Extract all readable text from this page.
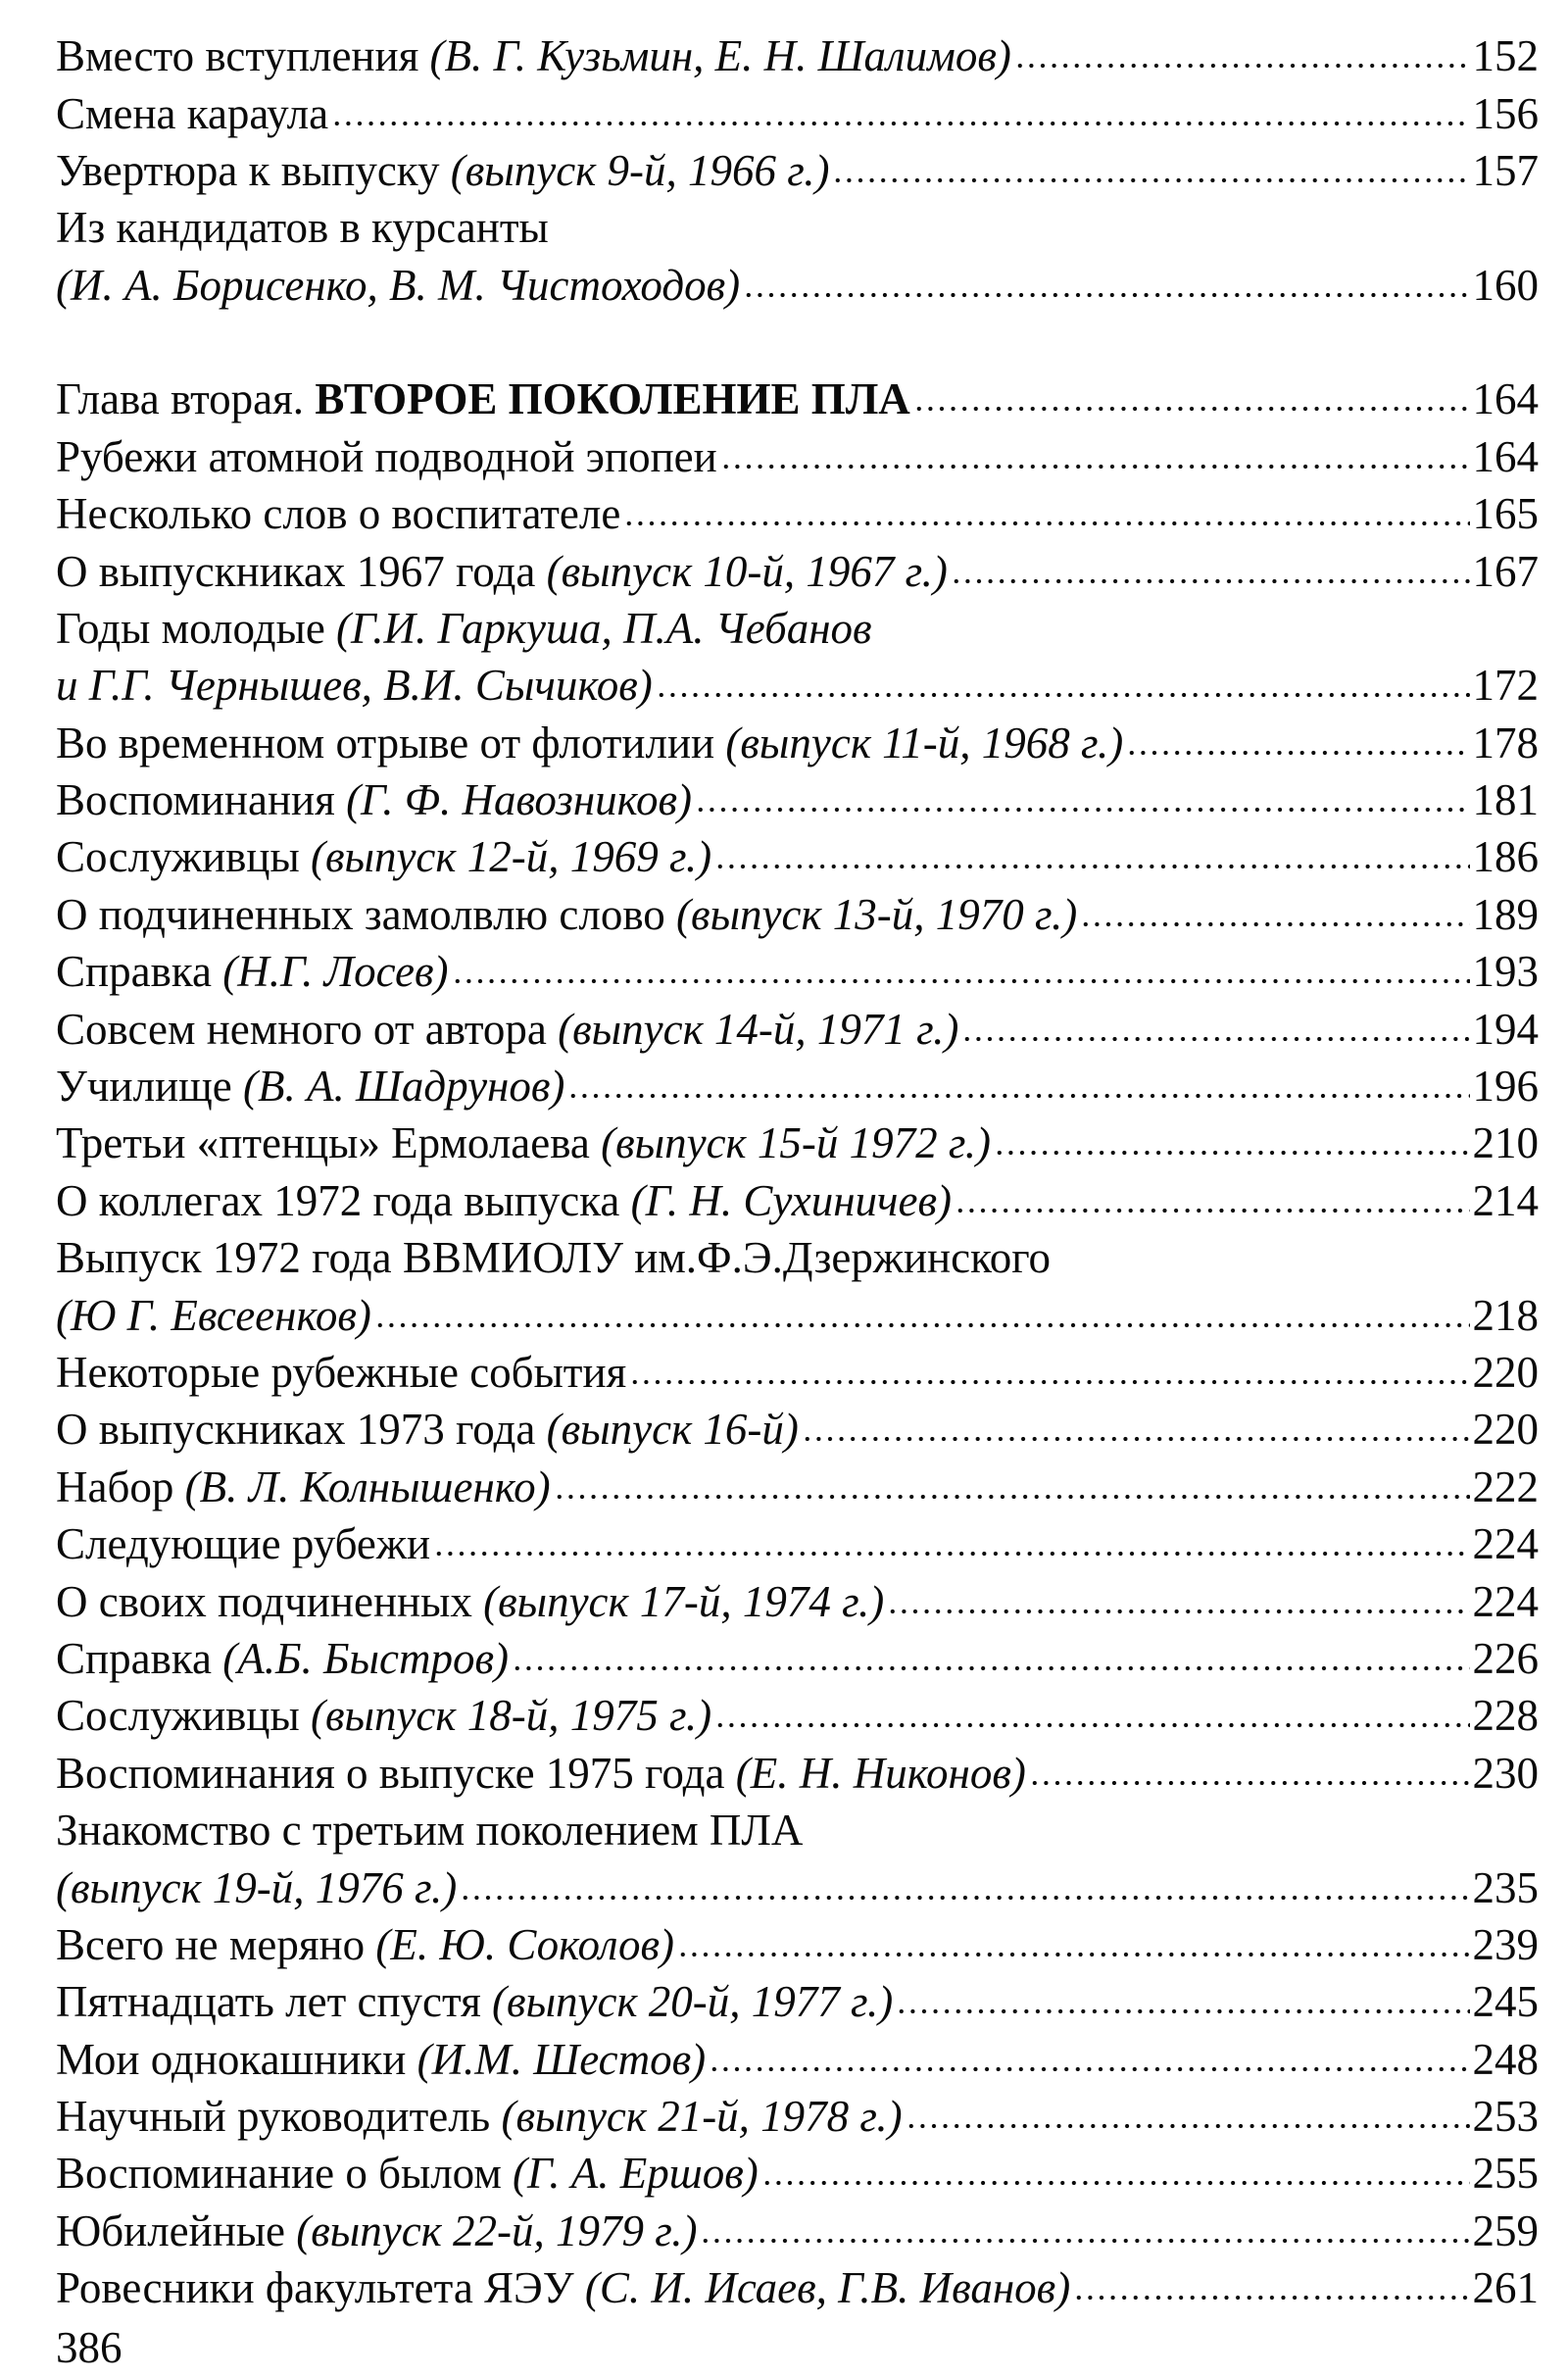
Вместо вступления (В. Г. Кузьмин, Е. Н. Шалимов)	152
Смена караула	156
Увертюра к выпуску (выпуск 9-й, 1966 г.)	157
Из кандидатов в курсанты
(И. А. Борисенко, В. М. Чистоходов)	160
Глава вторая. ВТОРОЕ ПОКОЛЕНИЕ ПЛА	164
Рубежи атомной подводной эпопеи	164
Несколько слов о воспитателе	165
О выпускниках 1967 года (выпуск 10-й, 1967 г.)	167
Годы молодые (Г.И. Гаркуша, П.А. Чебанов
и Г.Г. Чернышев, В.И. Сычиков)	172
Во временном отрыве от флотилии (выпуск 11-й, 1968 г.)	178
Воспоминания (Г. Ф. Навозников)	181
Сослуживцы (выпуск 12-й, 1969 г.)	186
О подчиненных замолвлю слово (выпуск 13-й, 1970 г.)	189
Справка (Н.Г. Лосев)	193
Совсем немного от автора (выпуск 14-й, 1971 г.)	194
Училище (В. А. Шадрунов)	196
Третьи «птенцы» Ермолаева (выпуск 15-й 1972 г.)	210
О коллегах 1972 года выпуска (Г. Н. Сухиничев)	214
Выпуск 1972 года ВВМИОЛУ им.Ф.Э.Дзержинского
(Ю Г. Евсеенков)	218
Некоторые рубежные события	220
О выпускниках 1973 года (выпуск 16-й)	220
Набор (В. Л. Колнышенко)	222
Следующие рубежи	224
О своих подчиненных (выпуск 17-й, 1974 г.)	224
Справка (А.Б. Быстров)	226
Сослуживцы (выпуск 18-й, 1975 г.)	228
Воспоминания о выпуске 1975 года (Е. Н. Никонов)	230
Знакомство с третьим поколением ПЛА
(выпуск 19-й, 1976 г.)	235
Всего не меряно (Е. Ю. Соколов)	239
Пятнадцать лет спустя (выпуск 20-й, 1977 г.)	245
Мои однокашники (И.М. Шестов)	248
Научный руководитель (выпуск 21-й, 1978 г.)	253
Воспоминание о былом (Г. А. Ершов)	255
Юбилейные (выпуск 22-й, 1979 г.)	259
Ровесники факультета ЯЭУ (С. И. Исаев, Г.В. Иванов)	261
386
